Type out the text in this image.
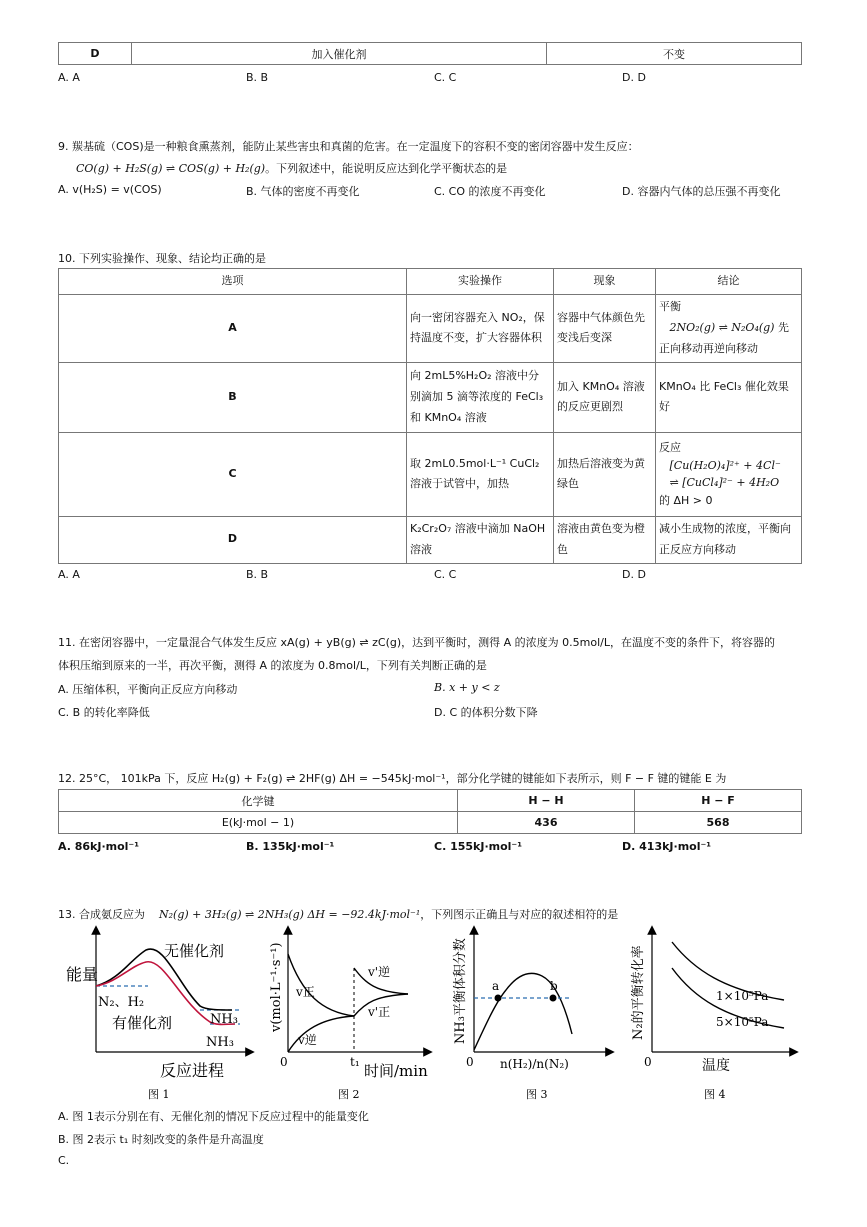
D	加入催化剂	不变
A. A	B. B	C. C	D. D
9. 羰基硫（COS)是一种粮食熏蒸剂，能防止某些害虫和真菌的危害。在一定温度下的容积不变的密闭容器中发生反应：
CO(g) + H₂S(g) ⇌ COS(g) + H₂(g)。下列叙述中，能说明反应达到化学平衡状态的是
A. v(H₂S) = v(COS)	B. 气体的密度不再变化	C. CO 的浓度不再变化	D. 容器内气体的总压强不再变化
10. 下列实验操作、现象、结论均正确的是
选项	实验操作	现象	结论
A	向一密闭容器充入 NO₂，保持温度不变，扩大容器体积	容器中气体颜色先变浅后变深	平衡
2NO₂(g) ⇌ N₂O₄(g) 先正向移动再逆向移动
B	向 2mL5%H₂O₂ 溶液中分别滴加 5 滴等浓度的 FeCl₃ 和 KMnO₄ 溶液	加入 KMnO₄ 溶液的反应更剧烈	KMnO₄ 比 FeCl₃ 催化效果好
C	取 2mL0.5mol·L⁻¹ CuCl₂ 溶液于试管中，加热	加热后溶液变为黄绿色	反应
[Cu(H₂O)₄]²⁺ + 4Cl⁻
⇌ [CuCl₄]²⁻ + 4H₂O
的 ΔH > 0
D	K₂Cr₂O₇ 溶液中滴加 NaOH 溶液	溶液由黄色变为橙色	减小生成物的浓度，平衡向正反应方向移动
A. A	B. B	C. C	D. D
11. 在密闭容器中，一定量混合气体发生反应 xA(g) + yB(g) ⇌ zC(g)，达到平衡时，测得 A 的浓度为 0.5mol/L，在温度不变的条件下，将容器的
体积压缩到原来的一半，再次平衡，测得 A 的浓度为 0.8mol/L，下列有关判断正确的是
A. 压缩体积，平衡向正反应方向移动	B. x + y < z
C. B 的转化率降低	D. C 的体积分数下降
12. 25°C， 101kPa 下，反应 H₂(g) + F₂(g) ⇌ 2HF(g) ΔH = −545kJ·mol⁻¹，部分化学键的键能如下表所示，则 F − F 键的键能 E 为
化学键	H − H	H − F
E(kJ·mol − 1)	436	568
A. 86kJ·mol⁻¹	B. 135kJ·mol⁻¹	C. 155kJ·mol⁻¹	D. 413kJ·mol⁻¹
13. 合成氨反应为 N₂(g) + 3H₂(g) ⇌ 2NH₃(g) ΔH = −92.4kJ·mol⁻¹，下列图示正确且与对应的叙述相符的是
无催化剂
有催化剂
N₂、H₂
NH₃
NH₃
能量
反应进程
图 1
v正
v逆
v'逆
v'正
0	t₁ 时间/min
v(mol·L⁻¹·s⁻¹)
图 2
a	b
0 n(H₂)/n(N₂)
NH₃平衡体积分数
图 3
1×10⁵Pa
5×10⁵Pa
0	温度
N₂的平衡转化率
图 4
A. 图 1表示分别在有、无催化剂的情况下反应过程中的能量变化
B. 图 2表示 t₁ 时刻改变的条件是升高温度
C.
